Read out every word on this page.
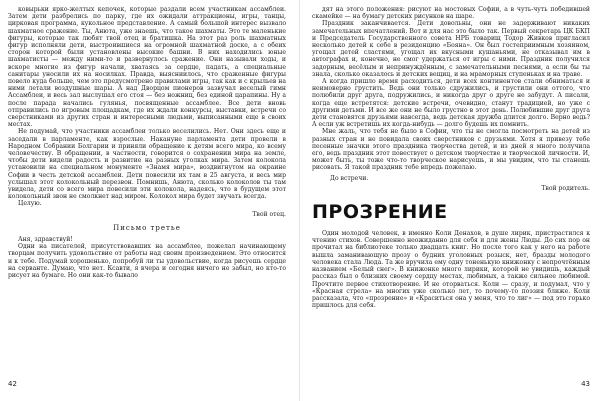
ковырьки ярко-желтых кепочек, которые раздали всем участникам ассамблеи. Затем дети разбрелись по парку, где их ожидали аттракционы, игры, танцы, цирковая программа, кукольное представление. А самый большой интерес вызвало шахматное сражение. Ты, Анюта, уже знаешь, что такое шахматы. Это те маленькие фигуры, которые так любят твой отец и братишка. На этот раз роль шахматных фигур исполняли дети, выстроившиеся на огромной шахматной доске, а с обеих сторон которой были установлены высокие башни. В них находились юные шахматисты — между ними-то и развернулось сражение. Они называли ходы, и вскоре многие из фигур начали, хватаясь за сердце, падать, а специальные санитары уносили их на носилках. Правда, выясниилось, что сраженные фигуры повело куда больше, чем это предусмотрено правилами игры, так как и с крыльев на ними летали воздушные шары. А над Дворцом пионеров зазвучал веселый гимн Ассамблеи, и весь зал выслушал его стоя — без ножниц, без единой царапины. Ну а после парада начались гулянья, посвященные ассамблее. Все дети вновь отправились по игровым площадкам, где их ждали конкурсы, выставки, встречи со сверстниками из других стран и интересными людьми, выписанными еще в своих местах.

Не подумай, что участники ассамблеи только веселились. Нет. Они здесь еще и заседали в парламенте, как взрослые. Накануне парламента дети провели в Народном Собрании Болгарии и приняли обращение к детям всего мира, ко всему человечеству. В обращении, в частности, говорится о сохранении мира на земле, чтобы дети видели радость и развитие на разных уголках мира. Затем колокола установили на специальном монументе «Знамя мира», воздвигнутом на окраине Софии в честь детской ассамблеи. Дети повесили их там в 25 августа, и весь мир услышал этот колокольный перезвон. Помнишь, Анюта, сколько колоколов ты там увидела, дети со всего мира повесили эти колокола, надеясь, что в будущем этот колокольный звон не смолкнет над миром. Колокол мира будет звучать всегда.

Целую.

Твой отец.

Письмо третье

Аня, здравствуй!

Одни на писателей, присутствовавших на ассамблее, пожелал начинающему творцам получить удовольствие от работы над своим произведением. Это относится и к тебе. Подумай хорошенько, попробуй ли ты удовольствие, когда рисуешь сердце на серванте. Думаю, что нет. Ксавти, я вчера и сегодня ничего не забыл, но кто-то рисует на бумаге. Но они как-то бывало

42

дят на этого положения: рисуют на мостовых Софии, а в чуть-чуть победившей скамейке — на бумагу детских рисунков на шаре.

Праздник заканчивается. Дети довольны, они не задерживают никаких замечательных впечатлений. Вот и для нас это было так. Первый секретарь ЦК БКП и Председатель Государственного совета НРБ товарищ Тодор Живков пригласил несколько детей к себе в резиденцию «Бояна». Он был гостеприимным хозяином, угощал детей сластями, угощал их вкусными кушаньями, не отказывал им в автографах и, конечно, не смог удержаться от игры с ними. Праздник получился задорным, весёлым и непринуждённым, с замечательными песнями, а если бы ты знала, сколько оказалось и детских вещиц, и на мраморных ступеньках и на траве.

А когда пришло время расходиться, дети всех континентов стали обниматься и неимоверно грустить. Ведь они только сдружились, и грустили они оттого, что полюбили друг друга, подружились, и никогда друг о друге не забудут. А писали, когда еще встретятся: детские встречи, очевидно, станут традицией, но уже с другими детьми. И все же они не было грустно в этот день. Полюбившие друг друга дети становятся друзьями навсегда, ведь детская дружба длится долго. Верно ведь? А если уж встретишь их когда-нибудь — долго будешь их помнить.

Мне жаль, что тебя не было в Софии, что ты не смогла посмотреть на детей из разных стран и не повидала своих сверстников с друзьями. Хотя я привезу тебе песенные значки этого праздника творчества детей, и из дней я много получила его, ведь праздник этот повествует о детском творчестве и творческой личности. И, может быть, ты тоже что-то творческое нарисуешь, и мы увидим, что ты станешь рисовать. Я такой праздник тебе впредь пожелаю.

До встречи.

Твой родитель.

ПРОЗРЕНИЕ

Один молодой человек, в именно Коли Денахов, в душе лирик, пристрастился к чтению стихов. Совершенно неожиданно для себя и для жены Люды. До сих пор он прочитал на библиотеке только двадцать книг. Но после того как у него на работе вышла заманивающую прозу о будних уголовных розыск, нет, бразды молодого человека стала Люда. Та же вручила ему одну тоненькую книжонку с непрочтённым названием «Белый снег». В книжонке много лирики, которой не увидишь, каждый рассказ был о близких своему сердцу местах, любимых, а также сильнее любимой. Прочтите первое стихотворение. И не оторваться. Коли — сразу, и подумал, что у «Красная стрела» на многих уже сколько лет, то почему-то поэзия ближе. Коли рассказала, что «прозрение» и «Краситься она у меня, что то лиг» — под это горько пришлось для себя.

43
